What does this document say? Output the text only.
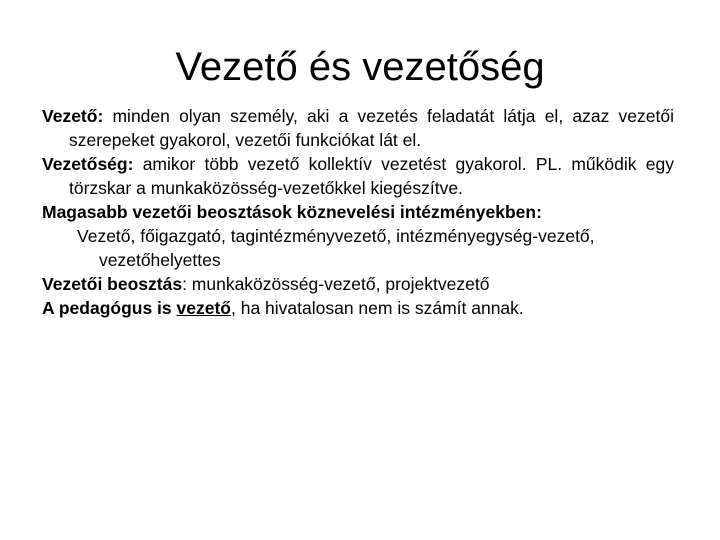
Vezető és vezetőség

Vezető: minden olyan személy, aki a vezetés feladatát látja el, azaz vezetői szerepeket gyakorol, vezetői funkciókat lát el.

Vezetőség: amikor több vezető kollektív vezetést gyakorol. PL. működik egy törzskar a munkaközösség-vezetőkkel kiegészítve.

Magasabb vezetői beosztások köznevelési intézményekben:

Vezető, főigazgató, tagintézményvezető, intézményegység-vezető, vezetőhelyettes

Vezetői beosztás: munkaközösség-vezető, projektvezető

A pedagógus is vezető, ha hivatalosan nem is számít annak.
